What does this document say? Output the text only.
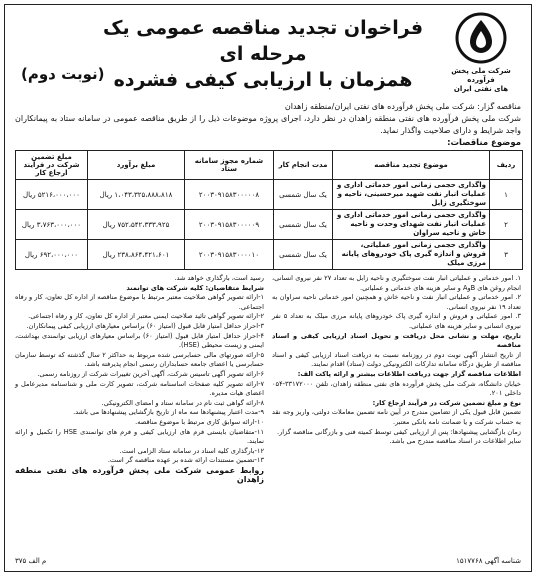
شرکت ملی پخش فرآورده
های نفتی ایران
فراخوان تجدید مناقصه عمومی یک مرحله ای
همزمان با ارزیابی کیفی فشرده
(نوبت دوم)
مناقصه گزار: شرکت ملی پخش فرآورده های نفتی ایران/منطقه زاهدان
شرکت ملی پخش فرآورده های نفتی منطقه زاهدان در نظر دارد، اجرای پروژه موضوعات ذیل را از طریق مناقصه عمومی در سامانه ستاد به پیمانکاران واجد شرایط و دارای صلاحیت واگذار نماید.
موضوع مناقصات:
ردیف	موضوع تجدید مناقصه	مدت انجام کار	شماره مجوز سامانه ستاد	مبلغ برآورد	مبلغ تضمین شرکت در فرآیند ارجاع کار
۱	واگذاری حجمی زمانی امور خدماتی اداری و عملیات انبار نفت شهید میرحسینی، ناحیه و سوختگیری زابل	یک سال شمسی	۲۰۰۳۰۹۱۵۸۳۰۰۰۰۰۸	۱،۰۴۳،۳۲۵،۸۸۸،۸۱۸ ریال	۵۲۱۶،۰۰۰،۰۰۰ ریال
۲	واگذاری حجمی زمانی امور خدماتی اداری و عملیات انبار نفت شهدای وحدت و ناحیه خاش و ناحیه سراوان	یک سال شمسی	۲۰۰۳۰۹۱۵۸۳۰۰۰۰۰۹	۷۵۲،۵۴۲،۳۳۳،۹۲۵ ریال	۳،۷۶۳،۰۰۰،۰۰۰ ریال
۳	واگذاری حجمی زمانی امور عملیاتی، فروش و اندازه گیری پاک خودروهای پایانه مرزی میلک	یک سال شمسی	۲۰۰۳۰۹۱۵۸۳۰۰۰۰۱۰	۲۳۸،۸۶۴،۴۲۱،۶۰۱ ریال	۶۹۲،۰۰۰،۰۰۰ ریال

۱. امور خدماتی و عملیاتی انبار نفت سوختگیری و ناحیه زابل به تعداد ۲۷ نفر نیروی انسانی، انجام روغن های BوA و سایر هزینه های خدماتی و عملیاتی.

۲. امور خدماتی و عملیاتی انبار نفت و ناحیه خاش و همچنین امور خدماتی ناحیه سراوان به تعداد ۱۹ نفر نیروی انسانی.

۳. امور عملیاتی و فروش و اندازه گیری پاک خودروهای پایانه مرزی میلک به تعداد ۵ نفر نیروی انسانی و سایر هزینه های عملیاتی.

تاریخ، مهلت و نشانی محل دریافت و تحویل اسناد ارزیابی کیفی و اسناد مناقصه

از تاریخ انتشار آگهی نوبت دوم در روزنامه نسبت به دریافت اسناد ارزیابی کیفی و اسناد مناقصه از طریق درگاه سامانه تدارکات الکترونیکی دولت (ستاد) اقدام نمایند.

اطلاعات مناقصه گزار جهت دریافت اطلاعات بیشتر و ارائه پاکت الف:

خیابان دانشگاه، شرکت ملی پخش فرآورده های نفتی منطقه زاهدان، تلفن ۳۳۱۷۲۰۰۰-۰۵۴ داخلی ۲۰۱.

نوع و مبلغ تضمین شرکت در فرآیند ارجاع کار:

تضمین قابل قبول یکی از تضامین مندرج در آیین نامه تضمین معاملات دولتی، واریز وجه نقد به حساب شرکت و یا ضمانت نامه بانکی معتبر.

زمان بازگشایی پیشنهادها: پس از ارزیابی کیفی توسط کمیته فنی و بازرگانی مناقصه گزار.

سایر اطلاعات در اسناد مناقصه مندرج می باشد.

رسید است، بارگذاری خواهد شد.

شرایط متقاضیان: کلیه شرکت های توانمند

۱-ارائه تصویر گواهی صلاحیت معتبر مرتبط با موضوع مناقصه از اداره کل تعاون، کار و رفاه اجتماعی.

۲-ارائه تصویر گواهی تائید صلاحیت ایمنی معتبر از اداره کل تعاون، کار و رفاه اجتماعی.

۳-احراز حداقل امتیاز قابل قبول (امتیاز ۶۰) براساس معیارهای ارزیابی کیفی پیمانکاران.

۴-احراز حداقل امتیاز قابل قبول (امتیاز ۶۰) براساس معیارهای ارزیابی توانمندی بهداشت، ایمنی و زیست محیطی (HSE).

۵-ارائه صورتهای مالی حسابرسی شده مربوط به حداکثر ۲ سال گذشته که توسط سازمان حسابرسی یا اعضای جامعه حسابداران رسمی انجام پذیرفته باشد.

۶-ارائه تصویر آگهی تاسیس شرکت، آگهی آخرین تغییرات شرکت از روزنامه رسمی.

۷-ارائه تصویر کلیه صفحات اساسنامه شرکت، تصویر کارت ملی و شناسنامه مدیرعامل و اعضای هیات مدیره.

۸-ارائه گواهی ثبت نام در سامانه ستاد و امضای الکترونیکی.

۹-مدت اعتبار پیشنهادها سه ماه از تاریخ بازگشایی پیشنهادها می باشد.

۱۰-ارائه سوابق کاری مرتبط با موضوع مناقصه.

۱۱-متقاضیان بایستی فرم های ارزیابی کیفی و فرم های توانمندی HSE را تکمیل و ارائه نمایند.

۱۲-بارگذاری کلیه اسناد در سامانه ستاد الزامی است.

۱۳-تضمین مستندات ارائه شده بر عهده مناقصه گر است.

روابط عمومی شرکت ملی پخش فرآورده های نفتی منطقه زاهدان

شناسه آگهی ۱۵۱۷۷۶۸
م الف ۳۷۵
